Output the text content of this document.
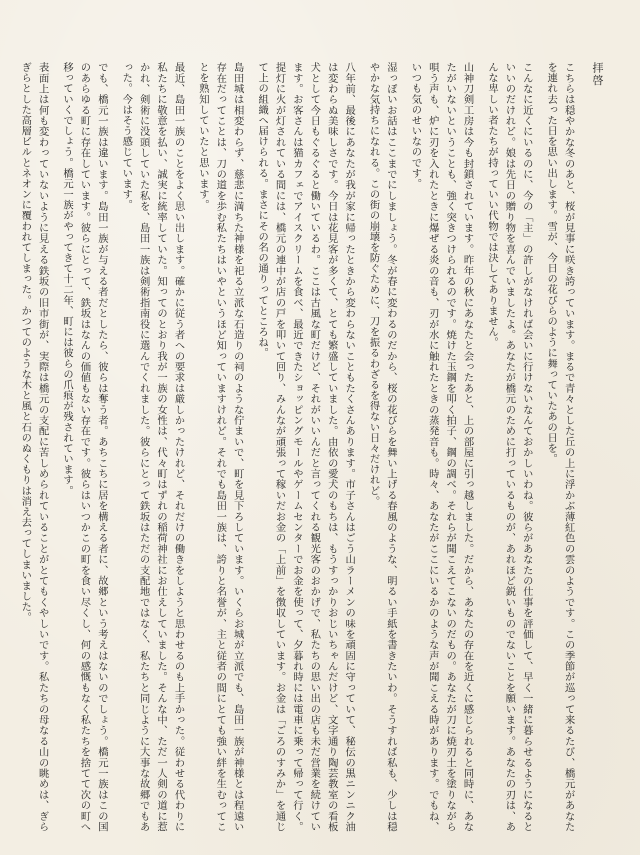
拝啓

こちらは穏やかな冬のあと、桜が見事に咲き誇っています。まるで青々とした丘の上に浮かぶ薄紅色の雲のようです。この季節が巡って来るたび、橋元があなたを連れ去った日を思い出します。雪が、今日の花びらのように舞っていたあの日を。

こんなに近くにいるのに、今の「主」の許しがなければ会いに行けないなんておかしいわね。彼らがあなたの仕事を評価して、早く一緒に暮らせるようになるといいのだけれど。娘は先日の贈り物を喜んでいましたよ。あなたが橋元のために打っているものが、あれほど鋭いものでないことを願います。あなたの刃は、あんな卑しい者たちが持っていい代物では決してありません。

山神刀剣工房は今も封鎖されています。昨年の秋にあなたと会ったあと、上の部屋に引っ越しました。だから、あなたの存在を近くに感じられると同時に、あなたがいないということも、強く突きつけられるのです。焼けた玉鋼を叩く拍子、鋼の調べ。それらが聞こえてこないのだもの。あなたが刀に焼刃土を塗りながら唄う声も、炉に刃を入れたときに爆ぜる炎の音も、刃が水に触れたときの蒸発音も。時々、あなたがここにいるかのような声が聞こえる時があります。でもね、いつも気のせいなのです。

湿っぽいお話はここまでにしましょう。冬が春に変わるのだから、桜の花びらを舞い上げる春風のような、明るい手紙を書きたいわ。そうすれば私も、少しは穏やかな気持ちになれる。この街の崩壊を防ぐために、刀を振るわざるを得ない日々だけれど。

八年前、最後にあなたが我が家に帰ったときから変わらないこともたくさんあります。市子さんはごう山ラーメンの味を頑固に守っていて、秘伝の黒ニンニク油は変わらぬ美味しさです。今日は花見客が多くて、とても繁盛していました。由依の愛犬のもちは、もうすっかりおじいちゃんだけど、文字通り陶芸教室の看板犬として今日もぐるぐると働いているわ。ここは古風な町だけど、それがいいんだと言ってくれる観光客のおかげで、私たちの思い出の店も未だ営業を続けています。お客さんは猫カフェでアイスクリームを食べ、最近できたショッピングモールやゲームセンターでお金を使って、夕暮れ時には電車に乗って帰って行く。提灯に火が灯されている間には、橋元の連中が店の戸を叩いて回り、みんなが頑張って稼いだお金の「上前」を徴収しています。お金は「ごろのすみか」を通じて上の組織へ届けられる。まさにその名の通りってところね。

島田城は相変わらず、慈悲に満ちた神様を祀る立派な石造りの祠のような佇まいで、町を見下ろしています。いくらお城が立派でも、島田一族が神様とは程遠い存在だってことは、刀の道を歩む私たちはいやというほど知っていますけれど。それでも島田一族は、誇りと名誉が、主と従者の間にとても強い絆を生むってことを熟知していたと思います。

最近、島田一族のことをよく思い出します。確かに従う者への要求は厳しかったけれど、それだけの働きをしようと思わせるのも上手かった。従わせる代わりに私たちに敬意を払い、誠実に統率していた。知ってのとおり我が一族の女性は、代々町はずれの稲荷神社にお仕えしていました。そんな中、ただ一人剣の道に惹かれ、剣術に没頭していた私を、島田一族は剣術指南役に選んでくれました。彼らにとって鉄坂はただの支配地ではなく、私たちと同じように大事な故郷でもあった。今はそう感じています。

でも、橋元一族は違います。島田一族が与える者だとしたら、彼らは奪う者。あちこちに居を構える者に、故郷という考えはないのでしょう。橋元一族はこの国のあらゆる町に存在しています。彼らにとって、鉄坂はなんの価値もない存在です。彼らはいつかこの町を食い尽くし、何の感慨もなく私たちを捨てて次の町へ移っていくでしょう。橋元一族がやってきて十二年、町には彼らの爪痕が残されています。

表面上は何も変わっていないように見える鉄坂の旧市街が、実際は橋元の支配に苦しめられていることがとてもくやしいです。私たちの母なる山の眺めは、ぎらぎらとした高層ビルとネオンに覆われてしまった。かつてのような木と風と石のぬくもりは消え去ってしまいました。
